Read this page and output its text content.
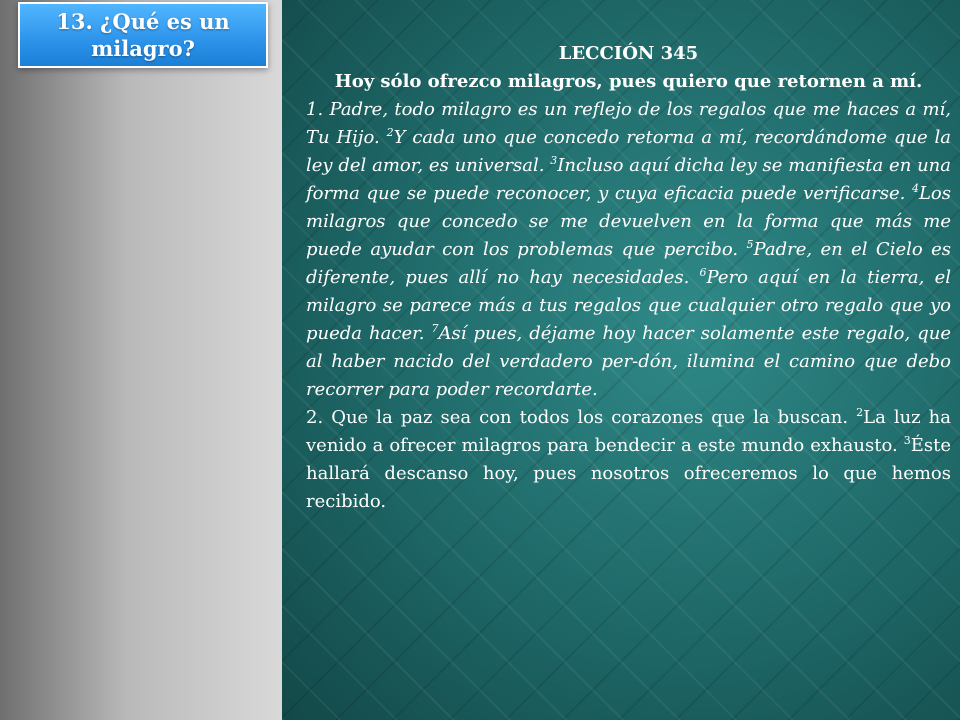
13. ¿Qué es un milagro?	LECCIÓN 345
Hoy sólo ofrezco milagros, pues quiero que retornen a mí.

1. Padre, todo milagro es un reflejo de los regalos que me haces a mí, Tu Hijo. $^2$Y cada uno que concedo retorna a mí, recordándome que la ley del amor, es universal. $^3$Incluso aquí dicha ley se manifiesta en una forma que se puede reconocer, y cuya eficacia puede verificarse. $^4$Los milagros que concedo se me devuelven en la forma que más me puede ayudar con los problemas que percibo. $^5$Padre, en el Cielo es diferente, pues allí no hay necesidades. $^6$Pero aquí en la tierra, el milagro se parece más a tus regalos que cualquier otro regalo que yo pueda hacer. $^7$Así pues, déjame hoy hacer solamente este regalo, que al haber nacido del verdadero per-dón, ilumina el camino que debo recorrer para poder recordarte.

2. Que la paz sea con todos los corazones que la buscan. $^2$La luz ha venido a ofrecer milagros para bendecir a este mundo exhausto. $^3$Éste hallará descanso hoy, pues nosotros ofreceremos lo que hemos recibido.
